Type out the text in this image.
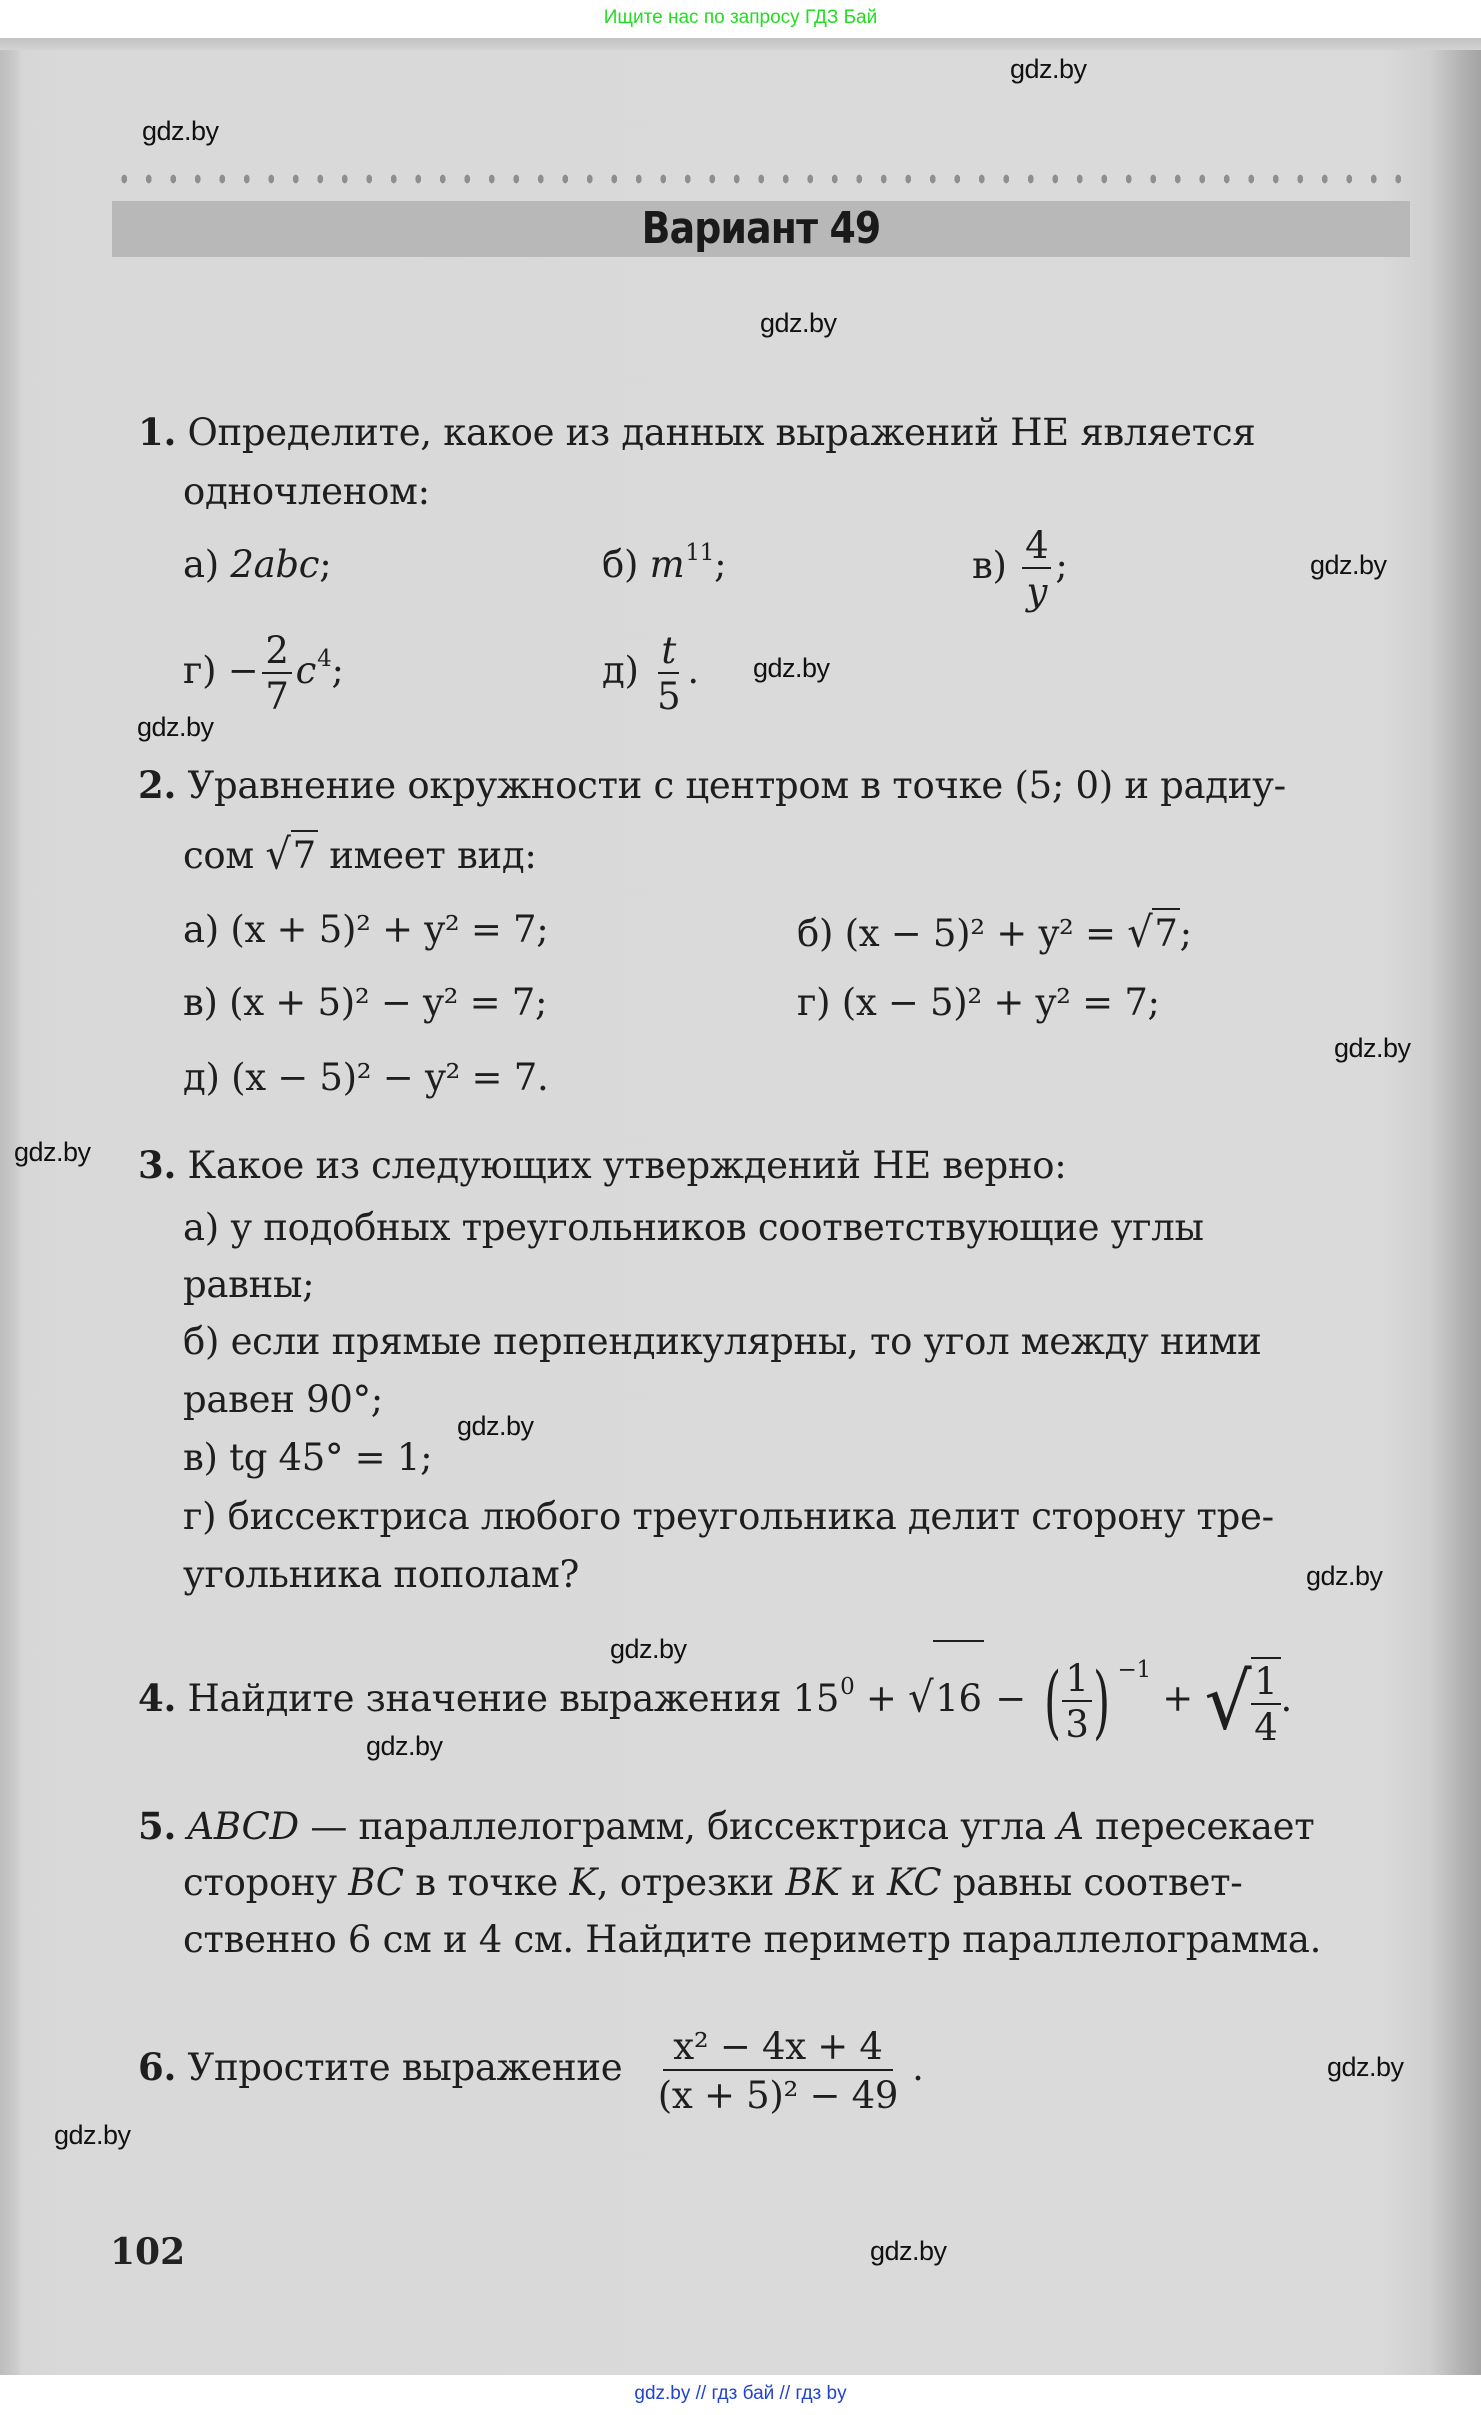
Ищите нас по запросу ГДЗ Бай
gdz.by
gdz.by
gdz.by
gdz.by
gdz.by
gdz.by
gdz.by
gdz.by
gdz.by
gdz.by
gdz.by
gdz.by
gdz.by
gdz.by
gdz.by
Вариант 49
1. Определите, какое из данных выражений НЕ является
одночленом:
а) 2abc;	б) $m^{11}$;	$в) \frac{4}{y}$ ;
$г) - \frac{2}{7} c^4$;	$д) \frac{t}{5}$ .
2. Уравнение окружности с центром в точке (5; 0) и радиу-
сом √7 имеет вид:
а) (x + 5)² + y² = 7;	б) (x − 5)² + y² = √7;
в) (x + 5)² − y² = 7;	г) (x − 5)² + y² = 7;
д) (x − 5)² − y² = 7.
3. Какое из следующих утверждений НЕ верно:
а) у подобных треугольников соответствующие углы
равны;
б) если прямые перпендикулярны, то угол между ними
равен 90°;
в) tg 45° = 1;
г) биссектриса любого треугольника делит сторону тре-
угольника пополам?
4. Найдите значение выражения $15^0 + √16$ − ( $\frac{1}{3}$ ) $^{-1}$ + √ $\frac{1}{4}$ .
5. ABCD — параллелограмм, биссектриса угла A пересекает
сторону BC в точке K, отрезки BK и KC равны соответ-
ственно 6 см и 4 см. Найдите периметр параллелограмма.
6. Упростите выражение $\frac{\text{x² − 4x + 4}}{\text{(x + 5)² − 49}}$ .
102
gdz.by // гдз бай // гдз by
